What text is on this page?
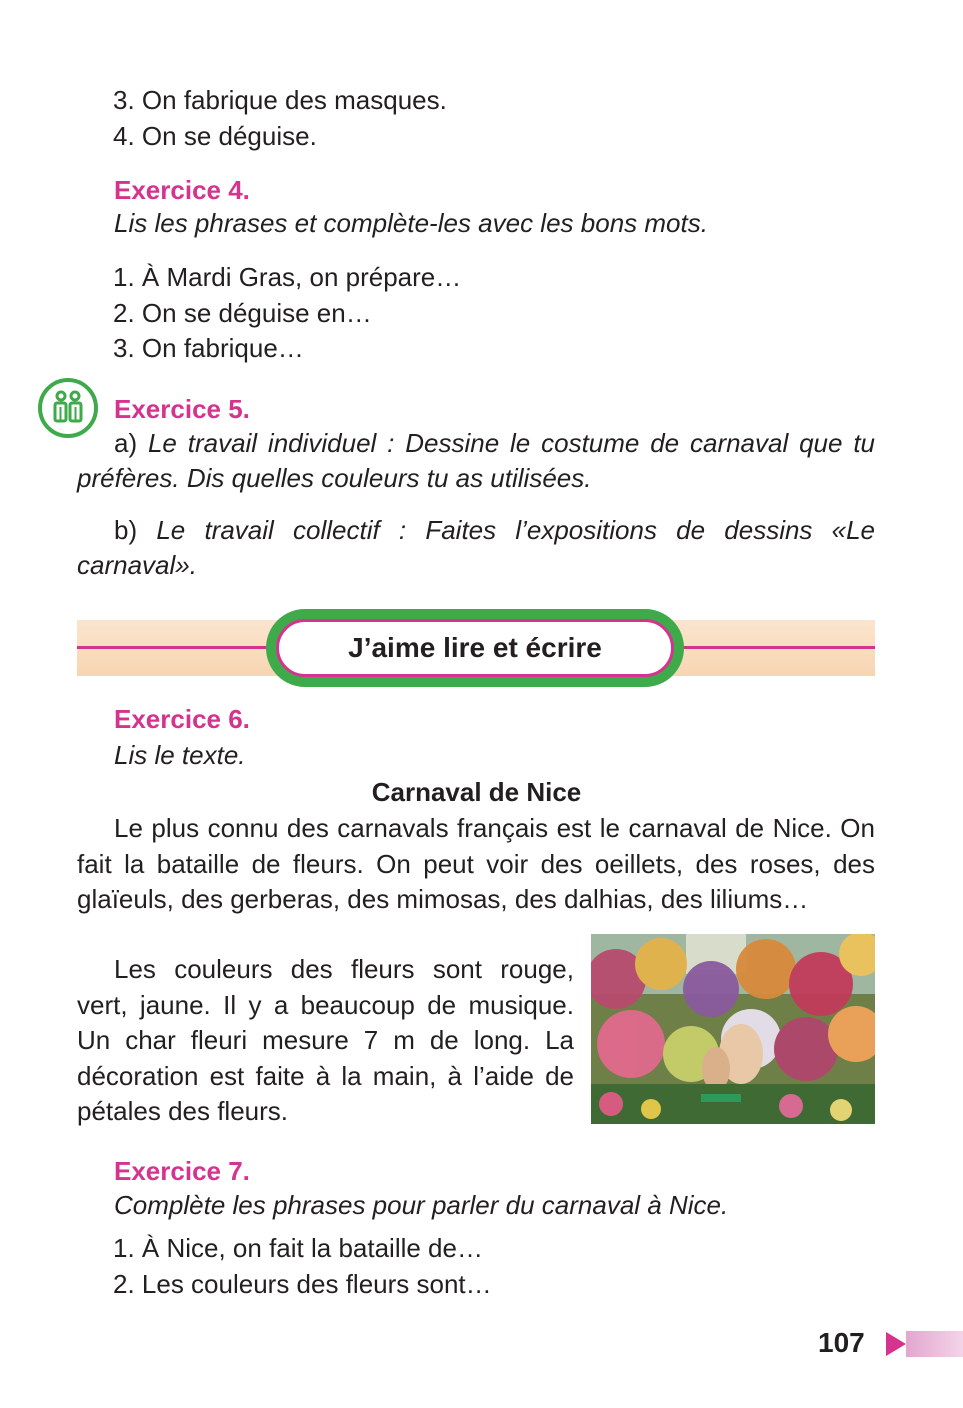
3. On fabrique des masques.
4. On se déguise.
Exercice 4.
Lis les phrases et complète-les avec les bons mots.
1. À Mardi Gras, on prépare…
2. On se déguise en…
3. On fabrique…
Exercice 5.
a) Le travail individuel : Dessine le costume de carnaval que tu préfères. Dis quelles couleurs tu as utilisées.
b) Le travail collectif : Faites l’expositions de dessins «Le carnaval».
J’aime lire et écrire
Exercice 6.
Lis le texte.
Carnaval de Nice

Le plus connu des carnavals français est le carnaval de Nice. On fait la bataille de fleurs. On peut voir des oeillets, des roses, des glaïeuls, des gerberas, des mimosas, des dalhias, des liliums…

Les couleurs des fleurs sont rouge, vert, jaune. Il y a beaucoup de musique. Un char fleuri mesure 7 m de long. La décoration est faite à la main, à l’aide de pétales des fleurs.

Exercice 7.
Complète les phrases pour parler du carnaval à Nice.
1. À Nice, on fait la bataille de…
2. Les couleurs des fleurs sont…
107
